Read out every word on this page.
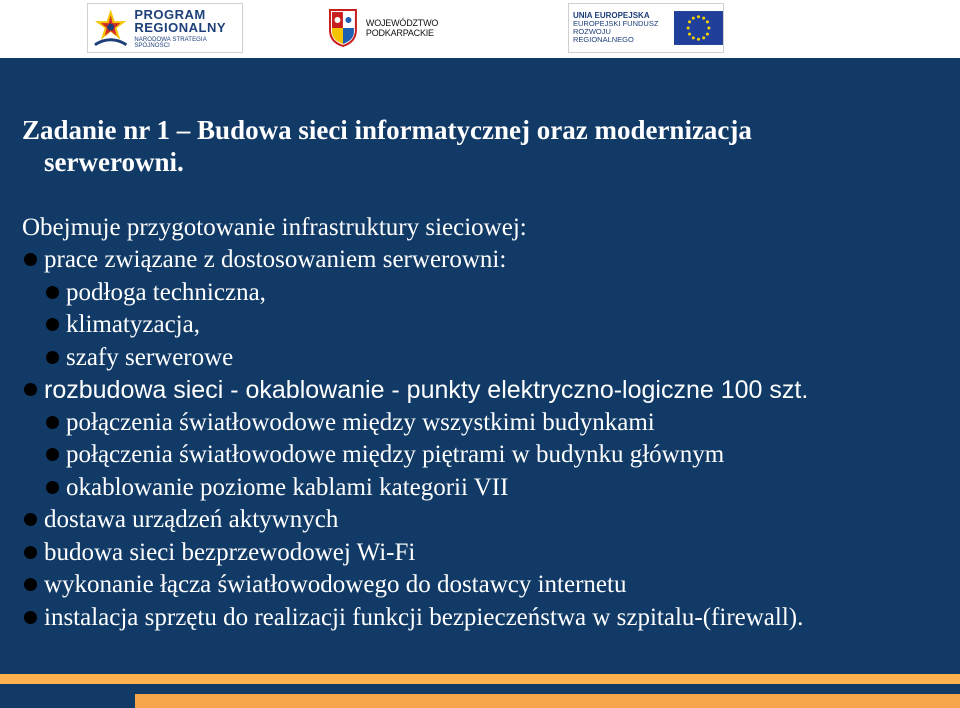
PROGRAM
REGIONALNY
NARODOWA STRATEGIA SPÓJNOŚCI
WOJEWÓDZTWO PODKARPACKIE
UNIA EUROPEJSKA
EUROPEJSKI FUNDUSZ
ROZWOJU REGIONALNEGO
Zadanie nr 1 – Budowa sieci informatycznej oraz modernizacja
serwerowni.
Obejmuje przygotowanie infrastruktury sieciowej:
prace związane z dostosowaniem serwerowni:
podłoga techniczna,
klimatyzacja,
szafy serwerowe
rozbudowa sieci - okablowanie - punkty elektryczno-logiczne 100 szt.
połączenia światłowodowe między wszystkimi budynkami
połączenia światłowodowe między piętrami w budynku głównym
okablowanie poziome kablami kategorii VII
dostawa urządzeń aktywnych
budowa sieci bezprzewodowej Wi-Fi
wykonanie łącza światłowodowego do dostawcy internetu
instalacja sprzętu do realizacji funkcji bezpieczeństwa w szpitalu-(firewall).
